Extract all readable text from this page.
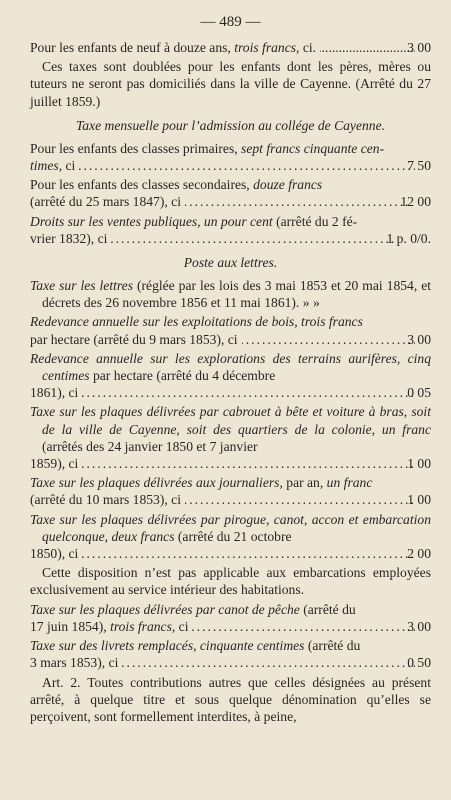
— 489 —
Pour les enfants de neuf à douze ans, trois francs, ci. .....	3 00
Ces taxes sont doublées pour les enfants dont les pères, mères ou tuteurs ne seront pas domiciliés dans la ville de Cayenne. (Arrêté du 27 juillet 1859.)
Taxe mensuelle pour l’admission au collége de Cayenne.
Pour les enfants des classes primaires, sept francs cinquante cen-
times, ci .....	7 50
Pour les enfants des classes secondaires, douze francs
(arrêté du 25 mars 1847), ci .....	12 00
Droits sur les ventes publiques, un pour cent (arrêté du 2 fé-
vrier 1832), ci .....	1 p. 0/0.
Poste aux lettres.
Taxe sur les lettres (réglée par les lois des 3 mai 1853 et 20 mai 1854, et décrets des 26 novembre 1856 et 11 mai 1861). » »
Redevance annuelle sur les exploitations de bois, trois francs
par hectare (arrêté du 9 mars 1853), ci .....	3 00
Redevance annuelle sur les explorations des terrains aurifères, cinq centimes par hectare (arrêté du 4 décembre
1861), ci .....	0 05
Taxe sur les plaques délivrées par cabrouet à bête et voiture à bras, soit de la ville de Cayenne, soit des quartiers de la colonie, un franc (arrêtés des 24 janvier 1850 et 7 janvier
1859), ci .....	1 00
Taxe sur les plaques délivrées aux journaliers, par an, un franc
(arrêté du 10 mars 1853), ci .....	1 00
Taxe sur les plaques délivrées par pirogue, canot, accon et embarcation quelconque, deux francs (arrêté du 21 octobre
1850), ci .....	2 00
Cette disposition n’est pas applicable aux embarcations employées exclusivement au service intérieur des habitations.
Taxe sur les plaques délivrées par canot de pêche (arrêté du
17 juin 1854), trois francs, ci .....	3 00
Taxe sur des livrets remplacés, cinquante centimes (arrêté du
3 mars 1853), ci .....	0 50
Art. 2. Toutes contributions autres que celles désignées au présent arrêté, à quelque titre et sous quelque dénomination qu’elles se perçoivent, sont formellement interdites, à peine,
